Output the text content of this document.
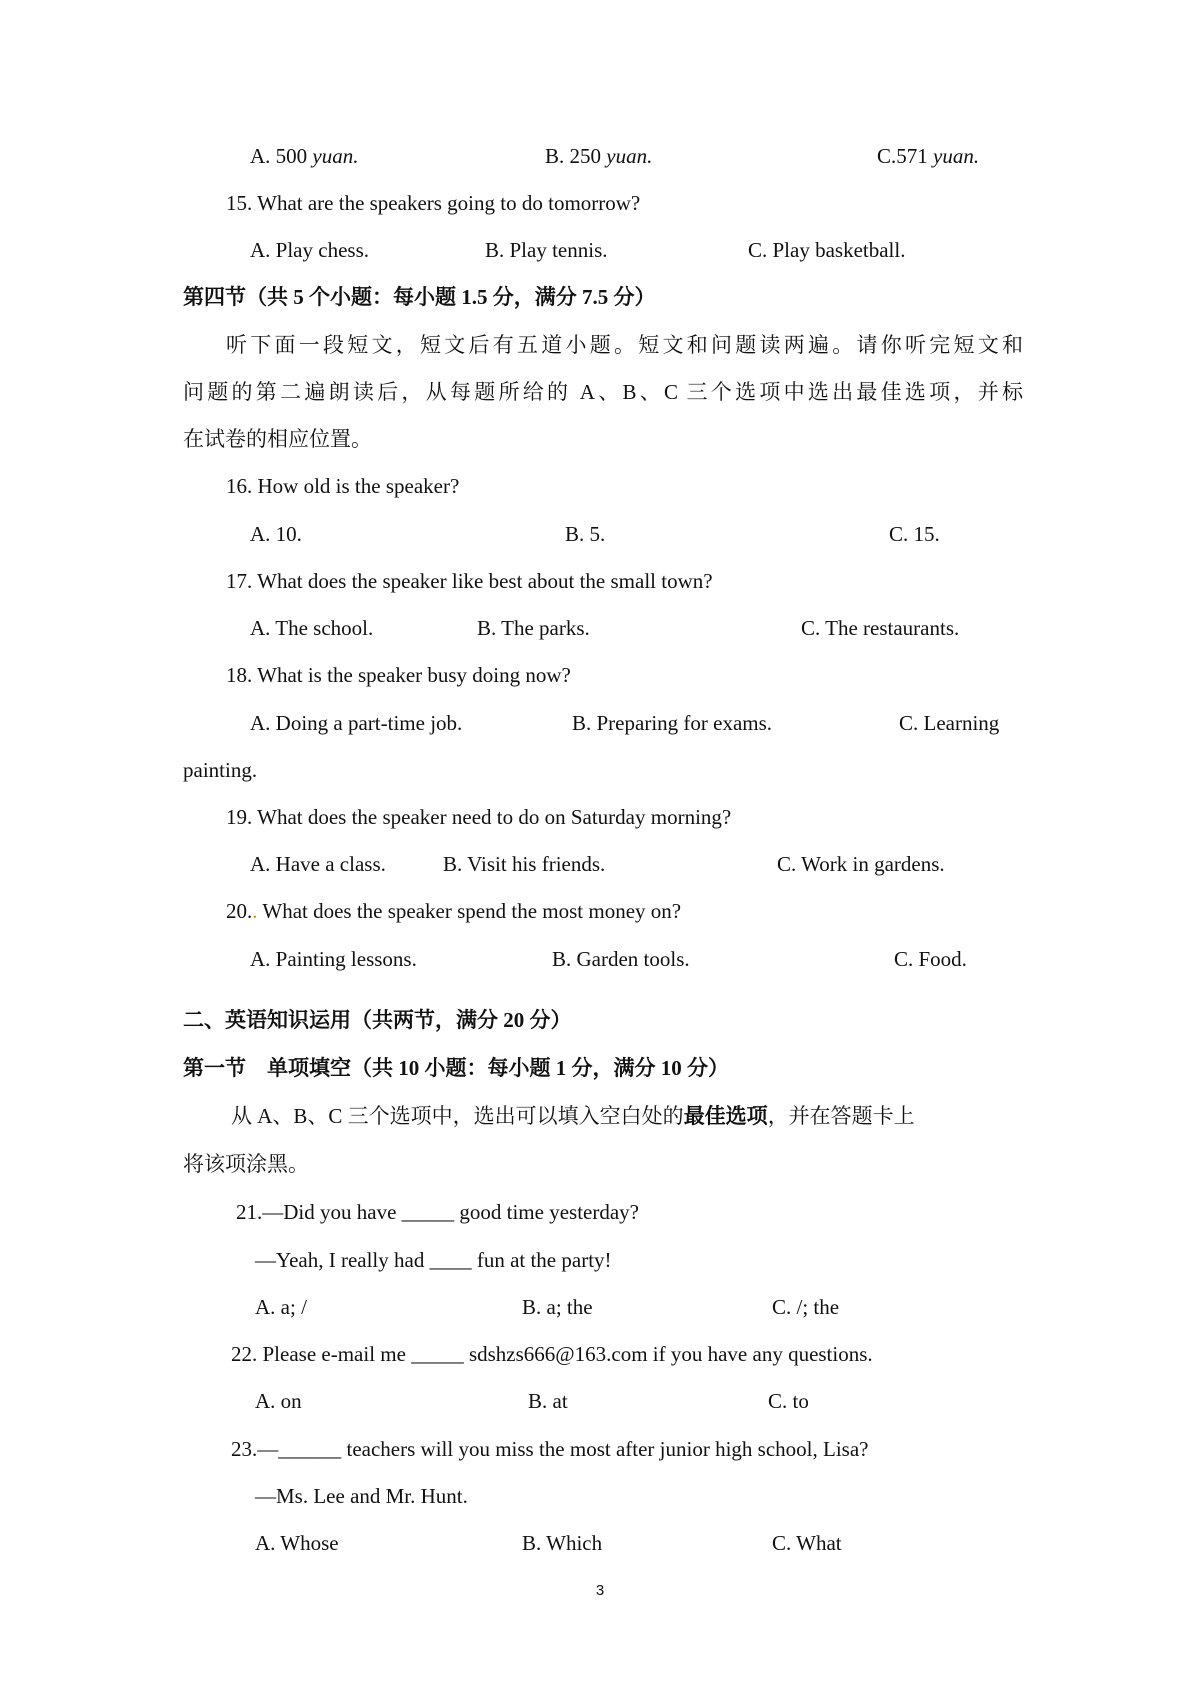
A. 500 yuan.	B. 250 yuan.	C.571 yuan.
15. What are the speakers going to do tomorrow?
A. Play chess.	B. Play tennis.	C. Play basketball.
第四节（共 5 个小题：每小题 1.5 分，满分 7.5 分）
听下面一段短文，短文后有五道小题。短文和问题读两遍。请你听完短文和
问题的第二遍朗读后，从每题所给的 A、B、C 三个选项中选出最佳选项，并标
在试卷的相应位置。
16. How old is the speaker?
A. 10.	B. 5.	C. 15.
17. What does the speaker like best about the small town?
A. The school.	B. The parks.	C. The restaurants.
18. What is the speaker busy doing now?
A. Doing a part-time job.	B. Preparing for exams.	C. Learning
painting.
19. What does the speaker need to do on Saturday morning?
A. Have a class.	B. Visit his friends.	C. Work in gardens.
20.. What does the speaker spend the most money on?
A. Painting lessons.	B. Garden tools.	C. Food.
二、英语知识运用（共两节，满分 20 分）
第一节　单项填空（共 10 小题：每小题 1 分，满分 10 分）
从 A、B、C 三个选项中，选出可以填入空白处的最佳选项，并在答题卡上
将该项涂黑。
21.—Did you have _____ good time yesterday?
—Yeah, I really had ____ fun at the party!
A. a; /	B. a; the	C. /; the
22. Please e-mail me _____ sdshzs666@163.com if you have any questions.
A. on	B. at	C. to
23.—______ teachers will you miss the most after junior high school, Lisa?
—Ms. Lee and Mr. Hunt.
A. Whose	B. Which	C. What
3
